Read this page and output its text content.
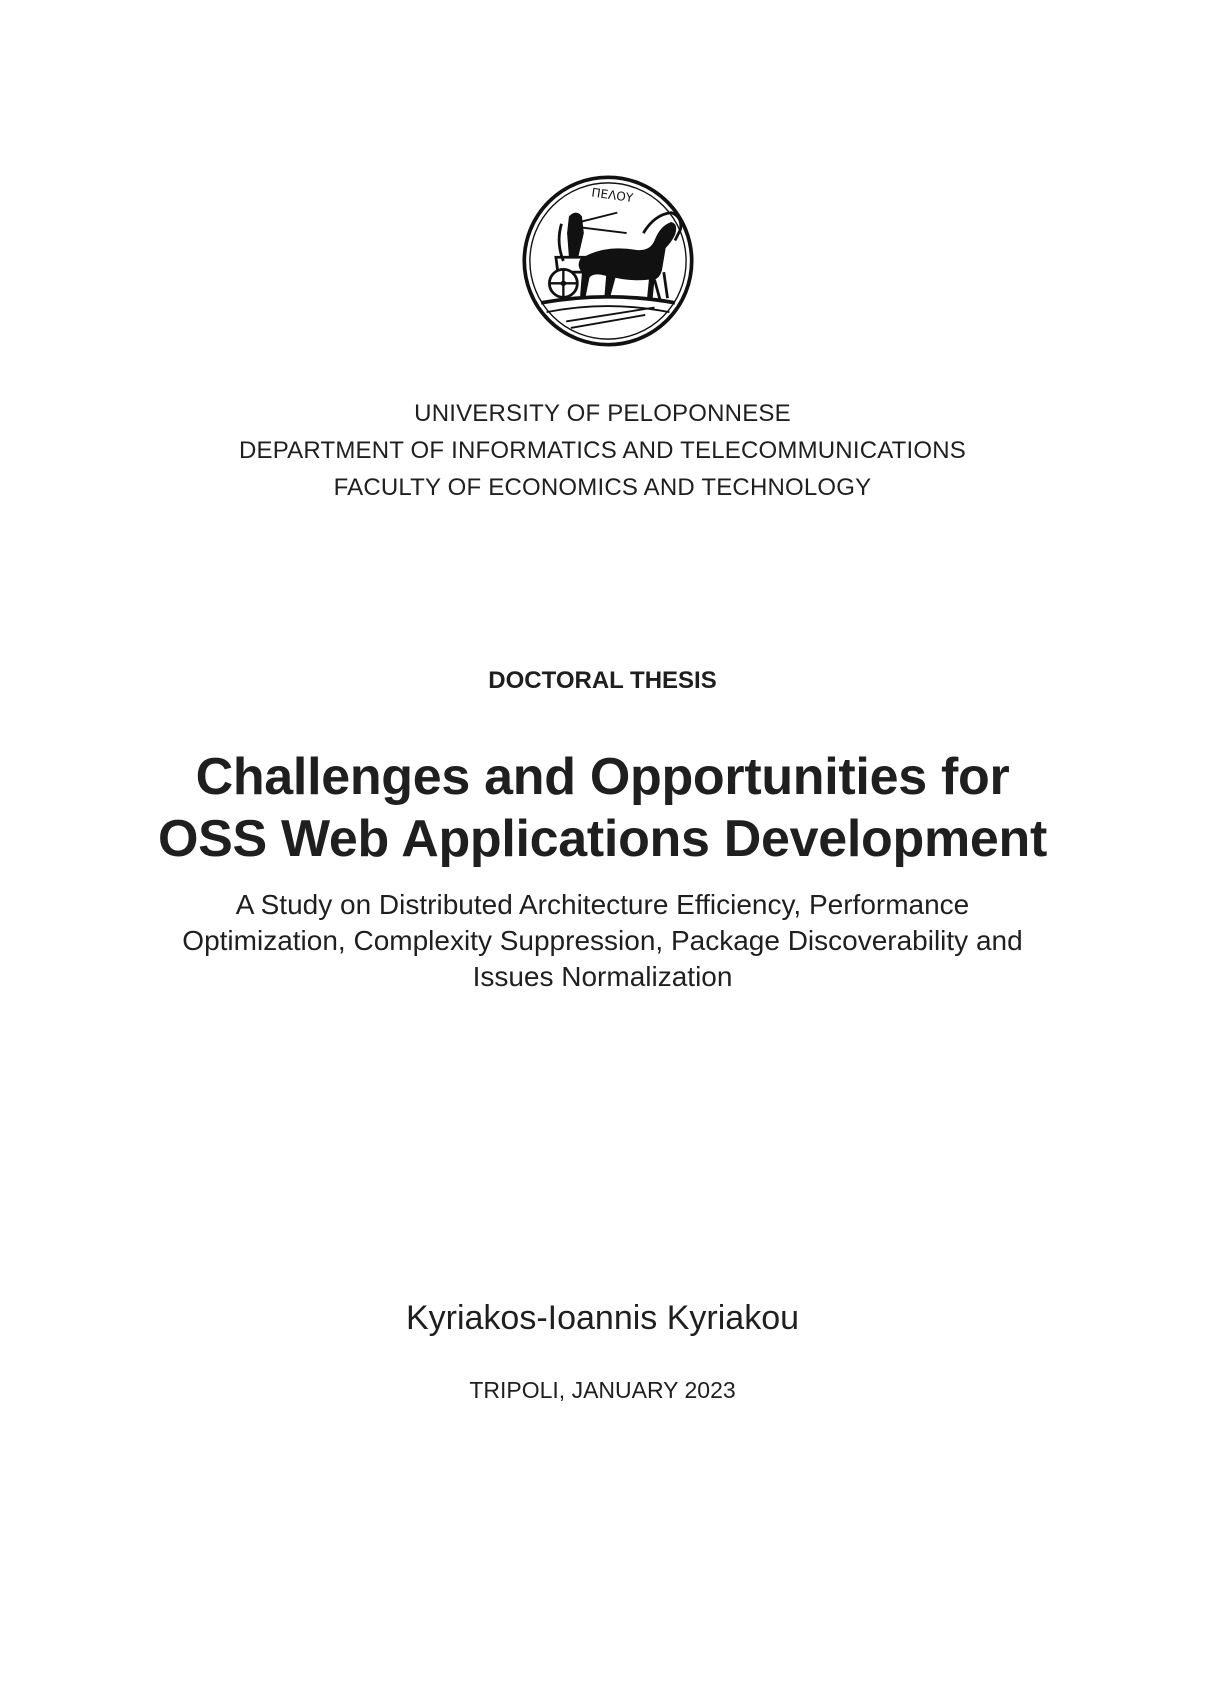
ΠΕΛΟΥ
UNIVERSITY OF PELOPONNESE
DEPARTMENT OF INFORMATICS AND TELECOMMUNICATIONS
FACULTY OF ECONOMICS AND TECHNOLOGY
DOCTORAL THESIS
Challenges and Opportunities for
OSS Web Applications Development
A Study on Distributed Architecture Efficiency, Performance
Optimization, Complexity Suppression, Package Discoverability and
Issues Normalization
Kyriakos-Ioannis Kyriakou
TRIPOLI, JANUARY 2023
